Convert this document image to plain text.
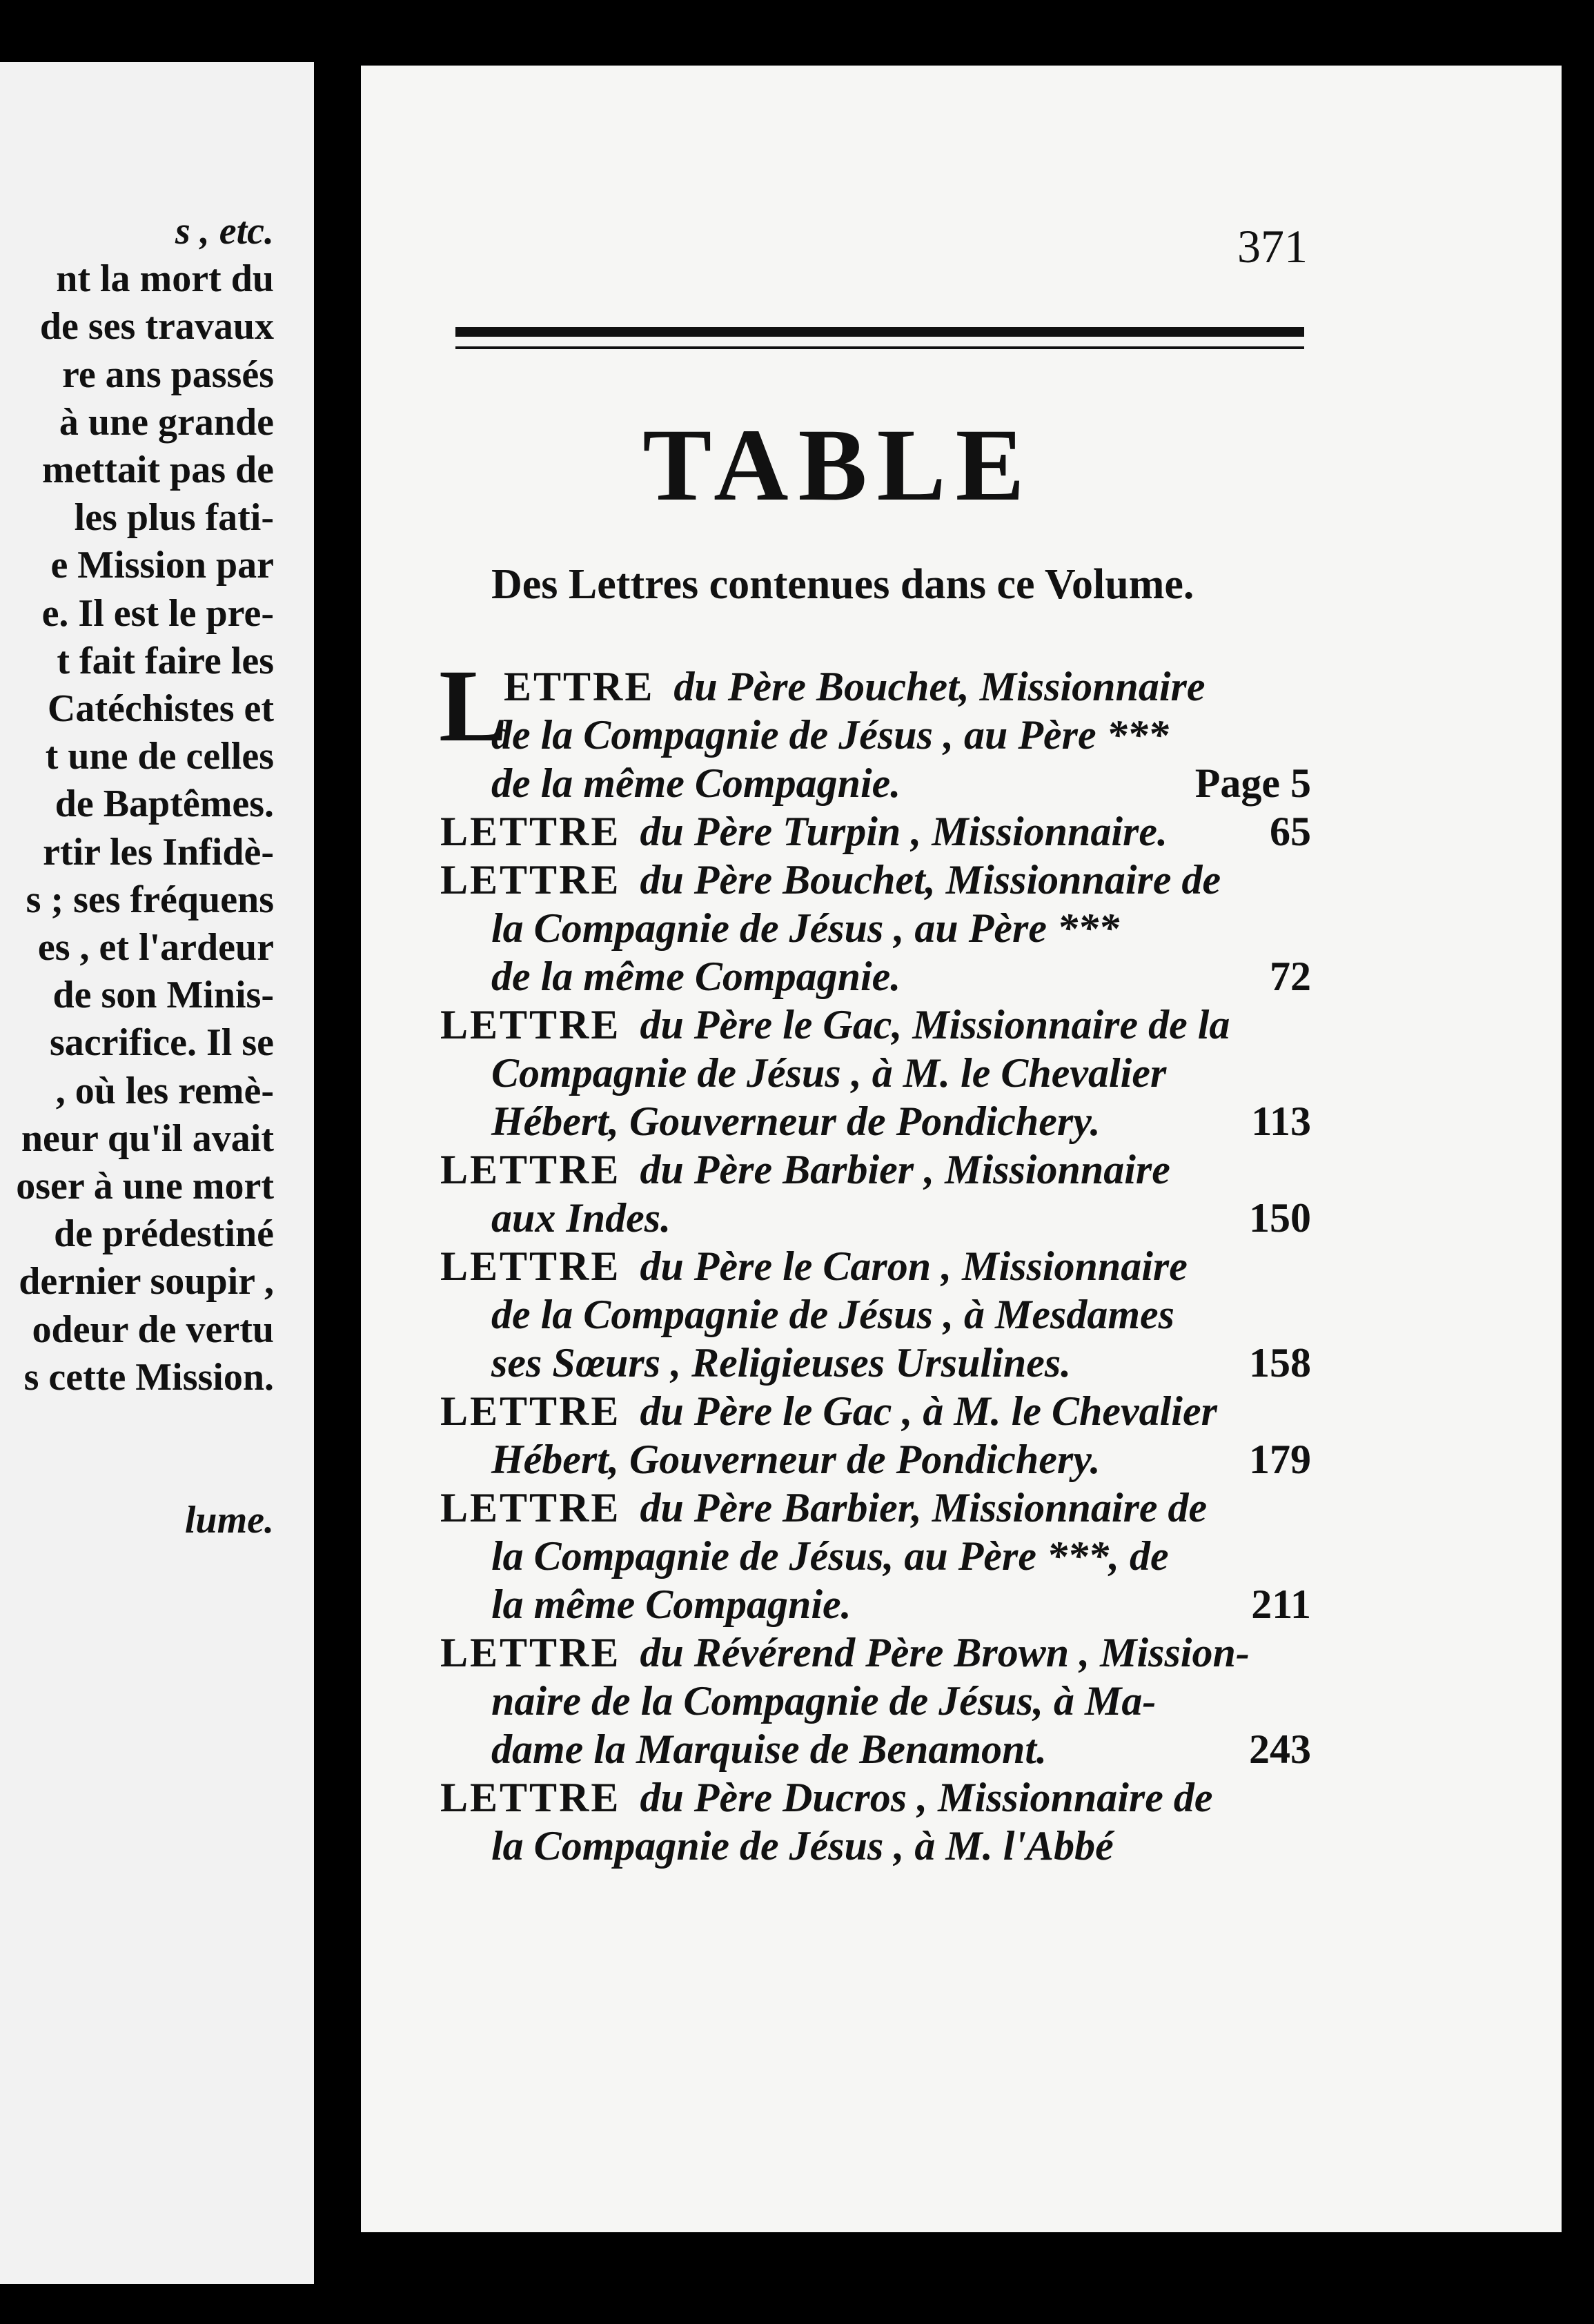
s , etc.
nt la mort du
de ses travaux
re ans passés
à une grande
mettait pas de
les plus fati-
e Mission par
e. Il est le pre-
t fait faire les
Catéchistes et
t une de celles
de Baptêmes.
rtir les Infidè-
s ; ses fréquens
es , et l'ardeur
de son Minis-
sacrifice. Il se
, où les remè-
neur qu'il avait
oser à une mort
de prédestiné
dernier soupir ,
odeur de vertu
s cette Mission.
lume.
371
TABLE
Des Lettres contenues dans ce Volume.
L
ETTRE du Père Bouchet, Missionnaire
de la Compagnie de Jésus , au Père ***
de la même Compagnie.	Page 5
LETTRE du Père Turpin , Missionnaire. 65
LETTRE du Père Bouchet, Missionnaire de
la Compagnie de Jésus , au Père ***
de la même Compagnie.	72
LETTRE du Père le Gac, Missionnaire de la
Compagnie de Jésus , à M. le Chevalier
Hébert, Gouverneur de Pondichery.	113
LETTRE du Père Barbier , Missionnaire
aux Indes.	150
LETTRE du Père le Caron , Missionnaire
de la Compagnie de Jésus , à Mesdames
ses Sœurs , Religieuses Ursulines.	158
LETTRE du Père le Gac , à M. le Chevalier
Hébert, Gouverneur de Pondichery.	179
LETTRE du Père Barbier, Missionnaire de
la Compagnie de Jésus, au Père ***, de
la même Compagnie.	211
LETTRE du Révérend Père Brown , Mission-
naire de la Compagnie de Jésus, à Ma-
dame la Marquise de Benamont.	243
LETTRE du Père Ducros , Missionnaire de
la Compagnie de Jésus , à M. l'Abbé
